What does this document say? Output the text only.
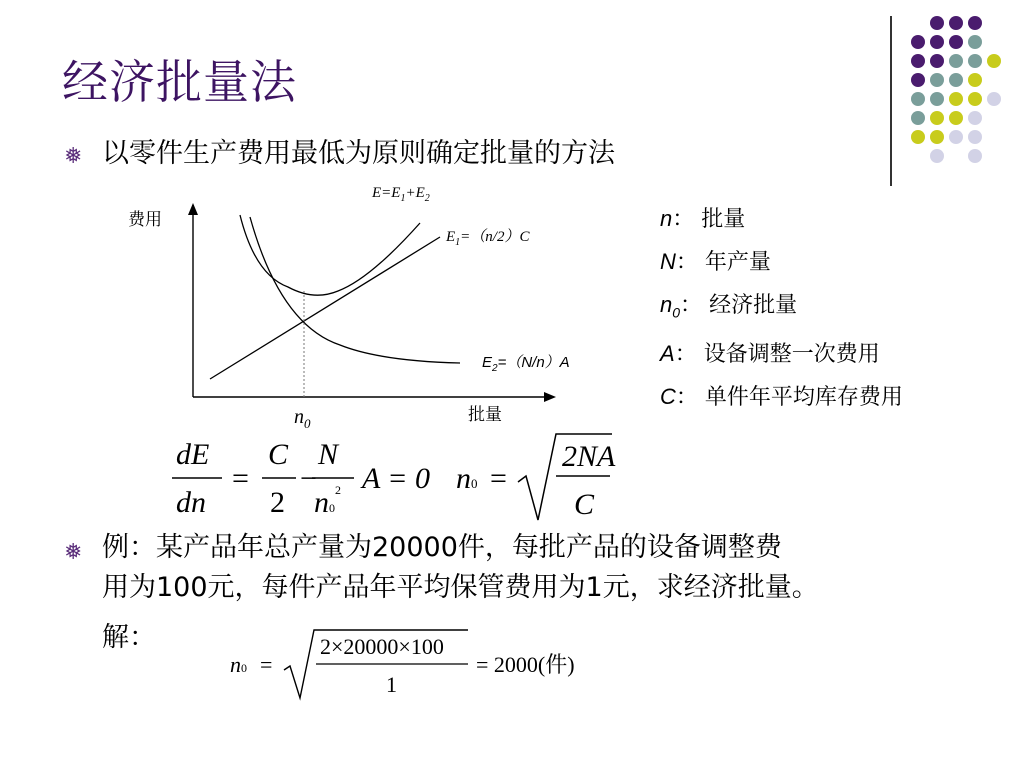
经济批量法
❅ 以零件生产费用最低为原则确定批量的方法
费用
批量
$n_0$
$E=E_1+E_2$
$E_1=(n/2)C$
$E_2=(N/n)A$
n： 批量
N： 年产量
$n_0$： 经济批量
A： 设备调整一次费用
C： 单件年平均库存费用
dE
dn
=
C
2
−
N
$n0^2$ A = 0 n0 =
2NA
C
❅ 例：某产品年总产量为20000件，每批产品的设备调整费
用为100元，每件产品年平均保管费用为1元，求经济批量。
解：
n0 =
2×20000×100
1
= 2000(件)
